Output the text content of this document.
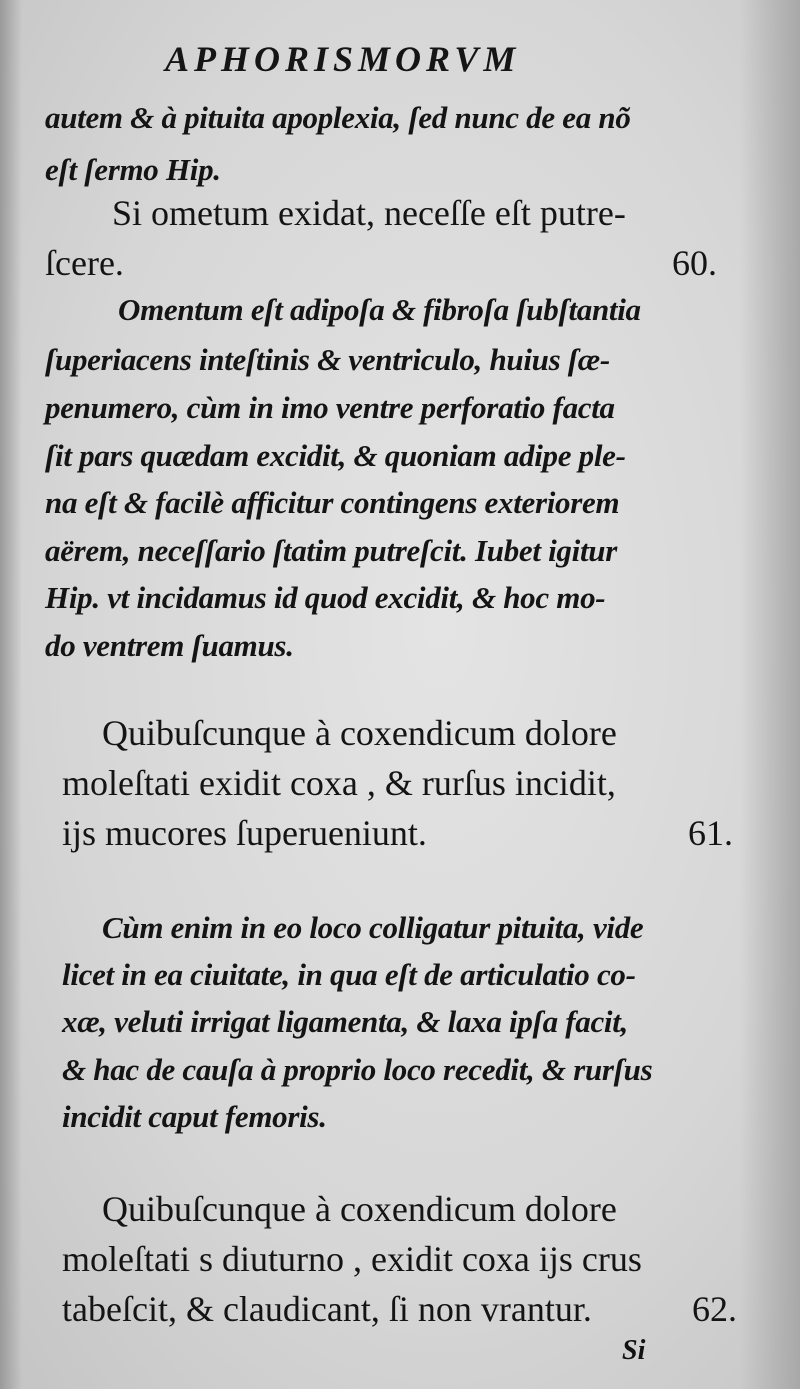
APHORISMORVM
autem & à pituita apoplexia, ſed nunc de ea nõ
eſt ſermo Hip.
Si ometum exidat, neceſſe eſt putre-
ſcere.	60.
Omentum eſt adipoſa & fibroſa ſubſtantia
ſuperiacens inteſtinis & ventriculo, huius ſæ-
penumero, cùm in imo ventre perforatio facta
ſit pars quædam excidit, & quoniam adipe ple-
na eſt & facilè afficitur contingens exteriorem
aërem, neceſſario ſtatim putreſcit. Iubet igitur
Hip. vt incidamus id quod excidit, & hoc mo-
do ventrem ſuamus.
Quibuſcunque à coxendicum dolore
moleſtati exidit coxa , & rurſus incidit,
ijs mucores ſuperueniunt.	61.
Cùm enim in eo loco colligatur pituita, vide
licet in ea ciuitate, in qua eſt de articulatio co-
xæ, veluti irrigat ligamenta, & laxa ipſa facit,
& hac de cauſa à proprio loco recedit, & rurſus
incidit caput femoris.
Quibuſcunque à coxendicum dolore
moleſtati s diuturno , exidit coxa ijs crus
tabeſcit, & claudicant, ſi non vrantur.	62.
Si
